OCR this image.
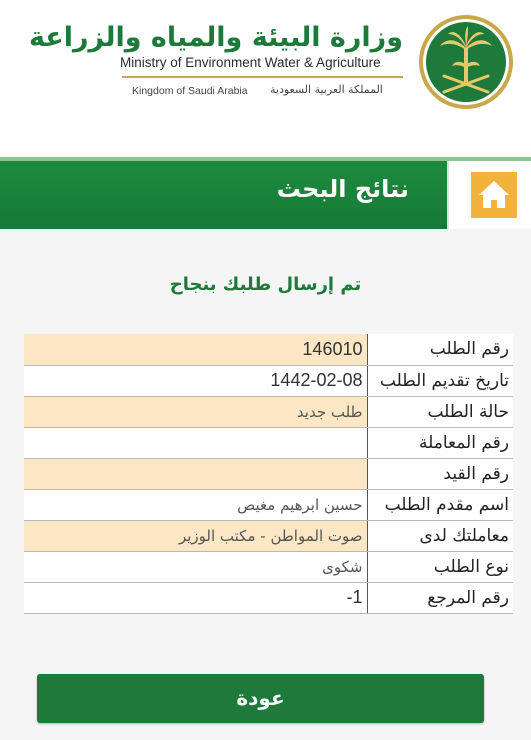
وزارة البيئة والمياه والزراعة
Ministry of Environment Water & Agriculture
Kingdom of Saudi Arabia المملكة العربية السعودية
نتائج البحث
تم إرسال طلبك بنجاح
رقم الطلب	146010
تاريخ تقديم الطلب	1442-02-08
حالة الطلب	طلب جديد
رقم المعاملة	
رقم القيد	
اسم مقدم الطلب	حسين ابرهيم مغيص
معاملتك لدى	صوت المواطن - مكتب الوزير
نوع الطلب	شكوى
رقم المرجع	1-
عودة
